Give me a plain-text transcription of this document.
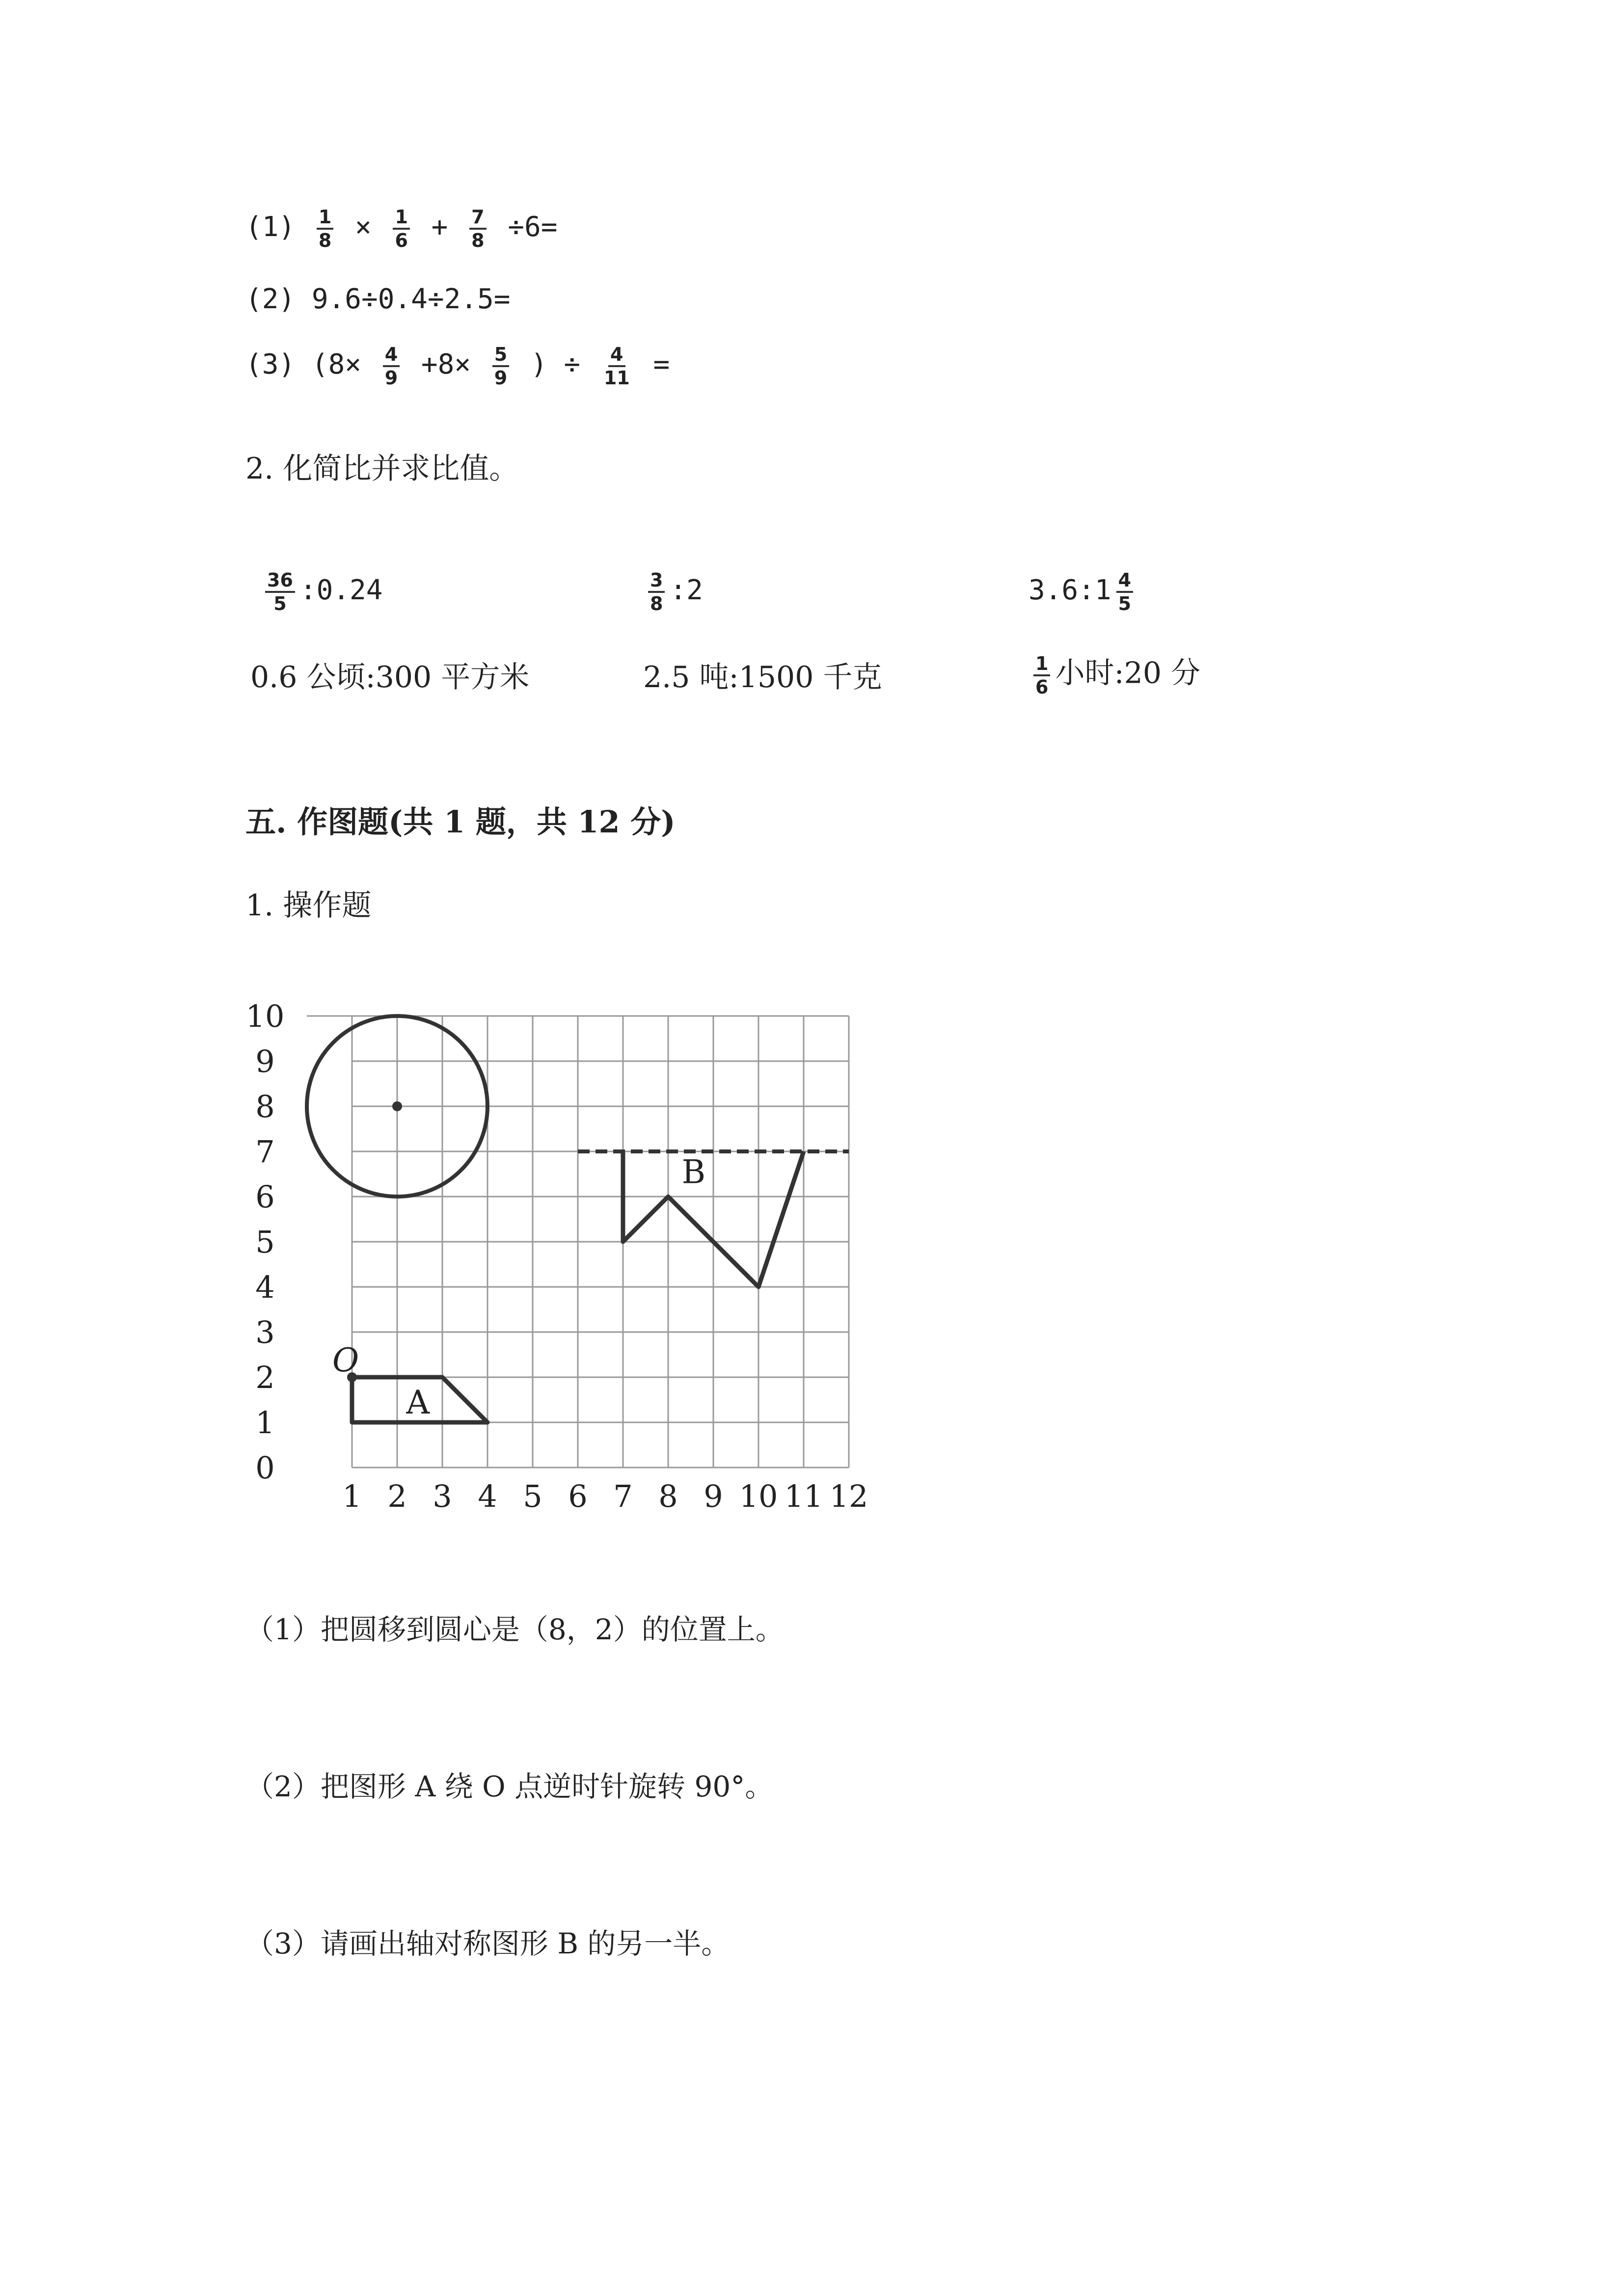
$(1) \frac{1}{8} \times \frac{1}{6} + \frac{7}{8} \div 6=$
(2) 9.6÷0.4÷2.5=
(3) ($8\times \frac{4}{9} +8\times \frac{5}{9}$ ) ÷ $\frac{4}{11}$ =
2. 化简比并求比值。
$\frac{36}{5}$ :0.24	$\frac{3}{8}$ :2	3.6:1 $\frac{4}{5}$
0.6 公顷:300 平方米	2.5 吨:1500 千克	$\frac{1}{6}$ 小时:20 分
五. 作图题(共 1 题，共 12 分)
1. 操作题
10
9
8
7
6
5
4
3
2
1
0
1 2 3 4 5 6 7 8 9 10 11 12
O
A
B
（1）把圆移到圆心是（8，2）的位置上。
（2）把图形 A 绕 O 点逆时针旋转 90°。
（3）请画出轴对称图形 B 的另一半。
